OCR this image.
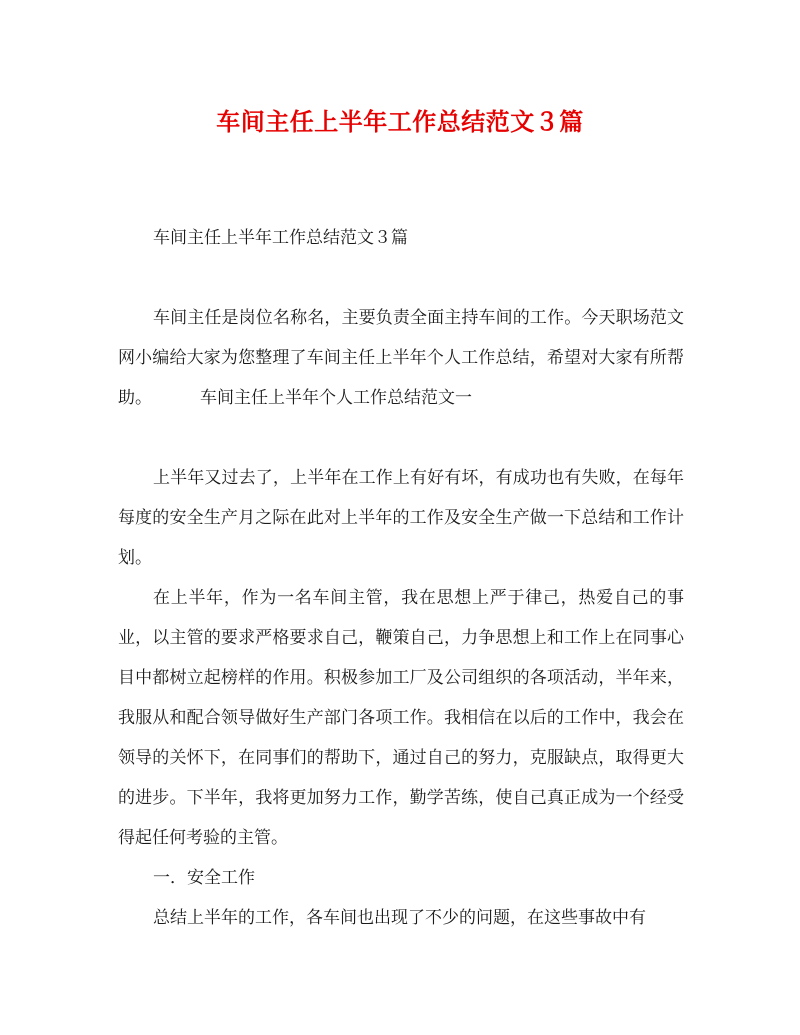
车间主任上半年工作总结范文３篇

车间主任上半年工作总结范文３篇

车间主任是岗位名称名，主要负责全面主持车间的工作。今天职场范文网小编给大家为您整理了车间主任上半年个人工作总结，希望对大家有所帮助。	车间主任上半年个人工作总结范文一

上半年又过去了，上半年在工作上有好有坏，有成功也有失败，在每年每度的安全生产月之际在此对上半年的工作及安全生产做一下总结和工作计划。

在上半年，作为一名车间主管，我在思想上严于律己，热爱自己的事业，以主管的要求严格要求自己，鞭策自己，力争思想上和工作上在同事心目中都树立起榜样的作用。积极参加工厂及公司组织的各项活动，半年来，我服从和配合领导做好生产部门各项工作。我相信在以后的工作中，我会在领导的关怀下，在同事们的帮助下，通过自己的努力，克服缺点，取得更大的进步。下半年，我将更加努力工作，勤学苦练，使自己真正成为一个经受得起任何考验的主管。

一．安全工作

总结上半年的工作，各车间也出现了不少的问题，在这些事故中有
